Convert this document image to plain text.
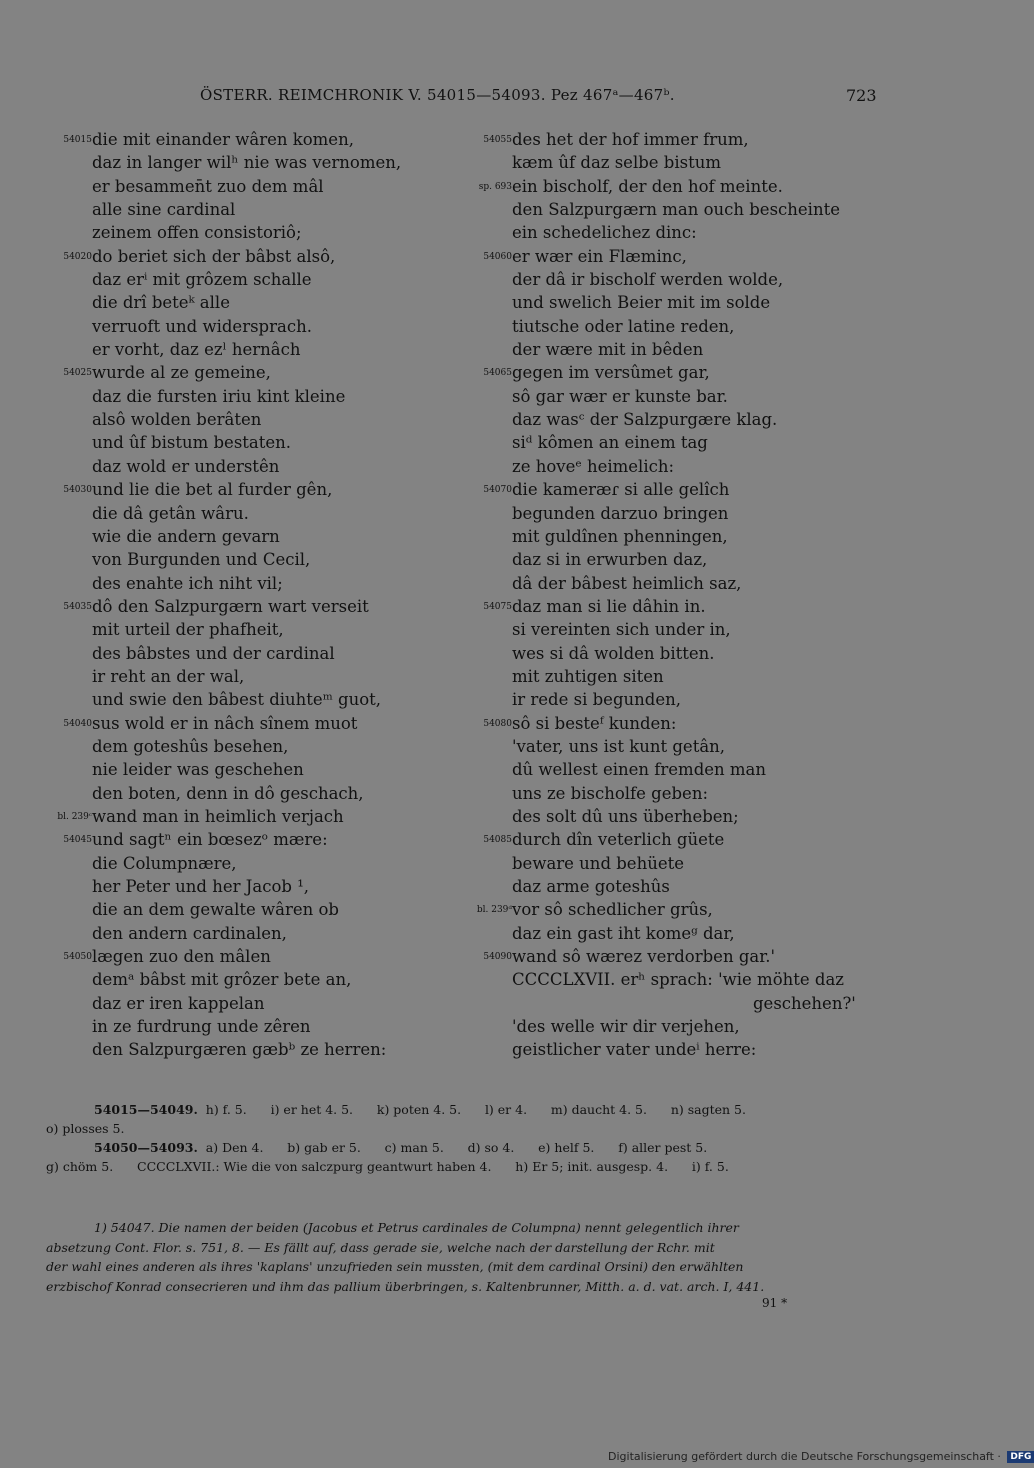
ÖSTERR. REIMCHRONIK V. 54015—54093. Pez 467ᵃ—467ᵇ.	723
54015 die mit einander wâren komen,
daz in langer wilʰ nie was vernomen,
er besammen̄t zuo dem mâl
alle sine cardinal
zeinem offen consistoriô;
54020 do beriet sich der bâbst alsô,
daz erⁱ mit grôzem schalle
die drî beteᵏ alle
verruoft und widersprach.
er vorht, daz ezˡ hernâch
54025 wurde al ze gemeine,
daz die fursten iriu kint kleine
alsô wolden berâten
und ûf bistum bestaten.
daz wold er understên
54030 und lie die bet al furder gên,
die dâ getân wâru.
wie die andern gevarn
von Burgunden und Cecil,
des enahte ich niht vil;
54035 dô den Salzpurgærn wart verseit
mit urteil der phafheit,
des bâbstes und der cardinal
ir reht an der wal,
und swie den bâbest diuhteᵐ guot,
54040 sus wold er in nâch sînem muot
dem goteshûs besehen,
nie leider was geschehen
den boten, denn in dô geschach,
bl. 239ᶜ wand man in heimlich verjach
54045 und sagtⁿ ein bœsezᵒ mære:
die Columpnære,
her Peter und her Jacob ¹,
die an dem gewalte wâren ob
den andern cardinalen,
54050 lægen zuo den mâlen
demᵃ bâbst mit grôzer bete an,
daz er iren kappelan
in ze furdrung unde zêren
den Salzpurgæren gæbᵇ ze herren:
54055 des het der hof immer frum,
kæm ûf daz selbe bistum
sp. 693 ein bischolf, der den hof meinte.
den Salzpurgærn man ouch bescheinte
ein schedelichez dinc:
54060 er wær ein Flæminc,
der dâ ir bischolf werden wolde,
und swelich Beier mit im solde
tiutsche oder latine reden,
der wære mit in bêden
54065 gegen im versûmet gar,
sô gar wær er kunste bar.
daz wasᶜ der Salzpurgære klag.
siᵈ kômen an einem tag
ze hoveᵉ heimelich:
54070 die kameræɾ si alle gelîch
begunden darzuo bringen
mit guldînen phenningen,
daz si in erwurben daz,
dâ der bâbest heimlich saz,
54075 daz man si lie dâhin in.
si vereinten sich under in,
wes si dâ wolden bitten.
mit zuhtigen siten
ir rede si begunden,
54080 sô si besteᶠ kunden:
'vater, uns ist kunt getân,
dû wellest einen fremden man
uns ze bischolfe geben:
des solt dû uns überheben;
54085 durch dîn veterlich güete
beware und behüete
daz arme goteshûs
bl. 239ᵈ vor sô schedlicher grûs,
daz ein gast iht komeᵍ dar,
54090 wand sô wærez verdorben gar.'
CCCCLXVII. erʰ sprach: 'wie möhte daz
geschehen?'
'des welle wir dir verjehen,
geistlicher vater undeⁱ herre:
54015—54049.  h) f. 5.      i) er het 4. 5.      k) poten 4. 5.      l) er 4.      m) daucht 4. 5.      n) sagten 5.
o) plosses 5.
54050—54093.  a) Den 4.      b) gab er 5.      c) man 5.      d) so 4.      e) helf 5.      f) aller pest 5.
g) chöm 5.      CCCCLXVII.: Wie die von salczpurg geantwurt haben 4.      h) Er 5; init. ausgesp. 4.      i) f. 5.
1) 54047. Die namen der beiden (Jacobus et Petrus cardinales de Columpna) nennt gelegentlich ihrer
absetzung Cont. Flor. s. 751, 8. — Es fällt auf, dass gerade sie, welche nach der darstellung der Rchr. mit
der wahl eines anderen als ihres 'kaplans' unzufrieden sein mussten, (mit dem cardinal Orsini) den erwählten
erzbischof Konrad consecrieren und ihm das pallium überbringen, s. Kaltenbrunner, Mitth. a. d. vat. arch. I, 441.
91 *
Digitalisierung gefördert durch die Deutsche Forschungsgemeinschaft · DFG
